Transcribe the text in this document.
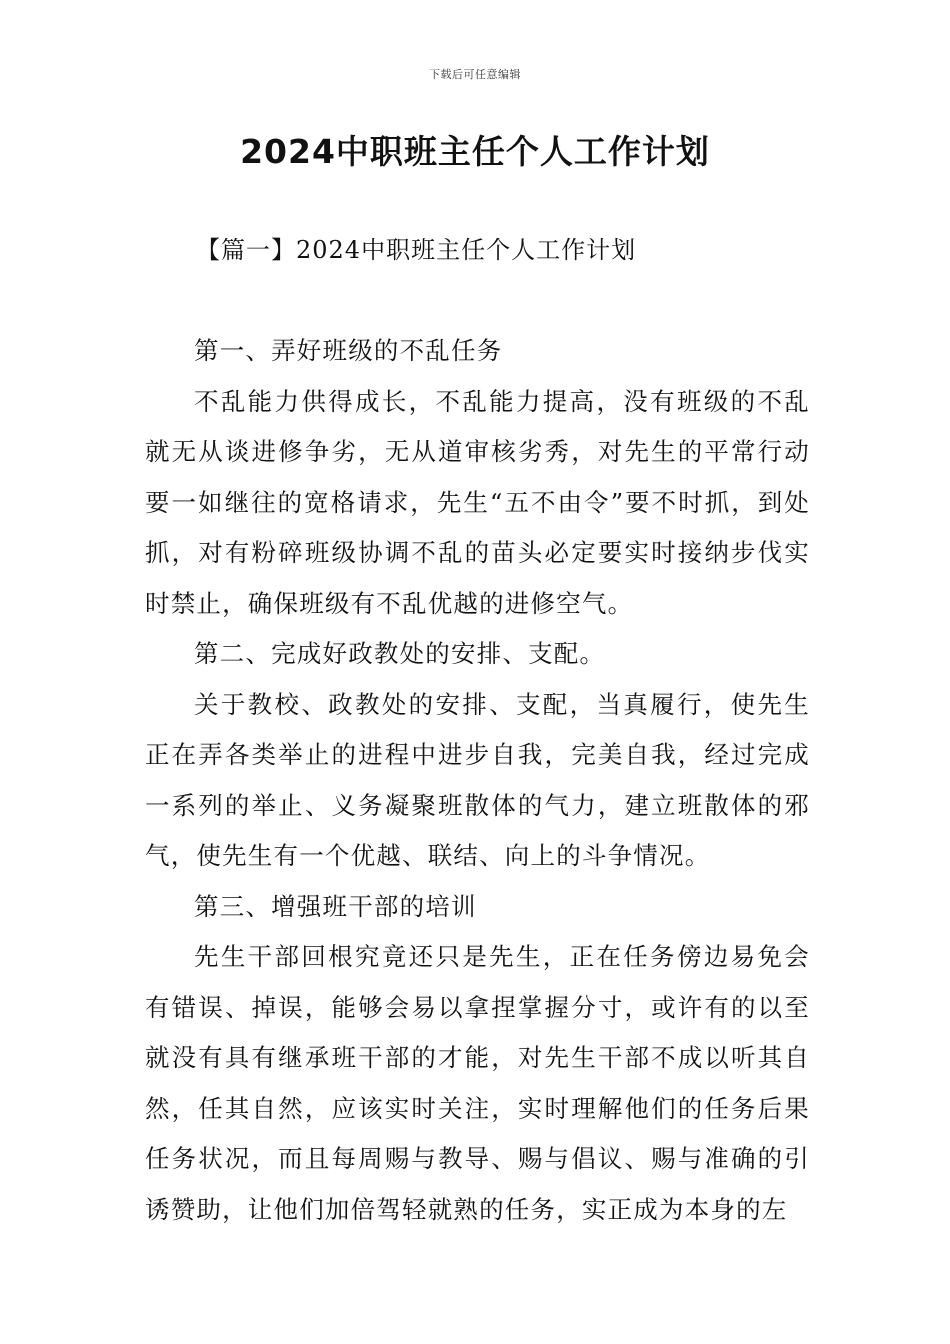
下载后可任意编辑
2024中职班主任个人工作计划
【篇一】2024中职班主任个人工作计划

第一、弄好班级的不乱任务

不乱能力供得成长，不乱能力提高，没有班级的不乱就无从谈进修争劣，无从道审核劣秀，对先生的平常行动要一如继往的宽格请求，先生“五不由令”要不时抓，到处抓，对有粉碎班级协调不乱的苗头必定要实时接纳步伐实时禁止，确保班级有不乱优越的进修空气。

第二、完成好政教处的安排、支配。

关于教校、政教处的安排、支配，当真履行，使先生正在弄各类举止的进程中进步自我，完美自我，经过完成一系列的举止、义务凝聚班散体的气力，建立班散体的邪气，使先生有一个优越、联结、向上的斗争情况。

第三、增强班干部的培训

先生干部回根究竟还只是先生，正在任务傍边易免会有错误、掉误，能够会易以拿捏掌握分寸，或许有的以至就没有具有继承班干部的才能，对先生干部不成以听其自然，任其自然，应该实时关注，实时理解他们的任务后果任务状况，而且每周赐与教导、赐与倡议、赐与准确的引诱赞助，让他们加倍驾轻就熟的任务，实正成为本身的左
